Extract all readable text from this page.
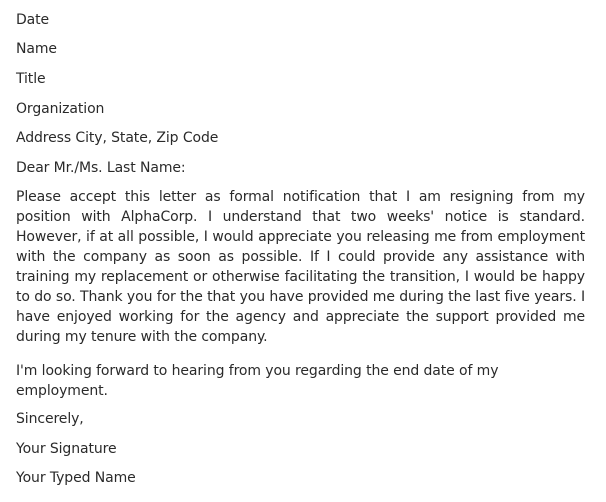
Date
Name
Title
Organization
Address City, State, Zip Code
Dear Mr./Ms. Last Name:
Please accept this letter as formal notification that I am resigning from my position with AlphaCorp. I understand that two weeks' notice is standard. However, if at all possible, I would appreciate you releasing me from employment with the company as soon as possible. If I could provide any assistance with training my replacement or otherwise facilitating the transition, I would be happy to do so. Thank you for the that you have provided me during the last five years. I have enjoyed working for the agency and appreciate the support provided me during my tenure with the company.
I'm looking forward to hearing from you regarding the end date of my employment.
Sincerely,
Your Signature
Your Typed Name
